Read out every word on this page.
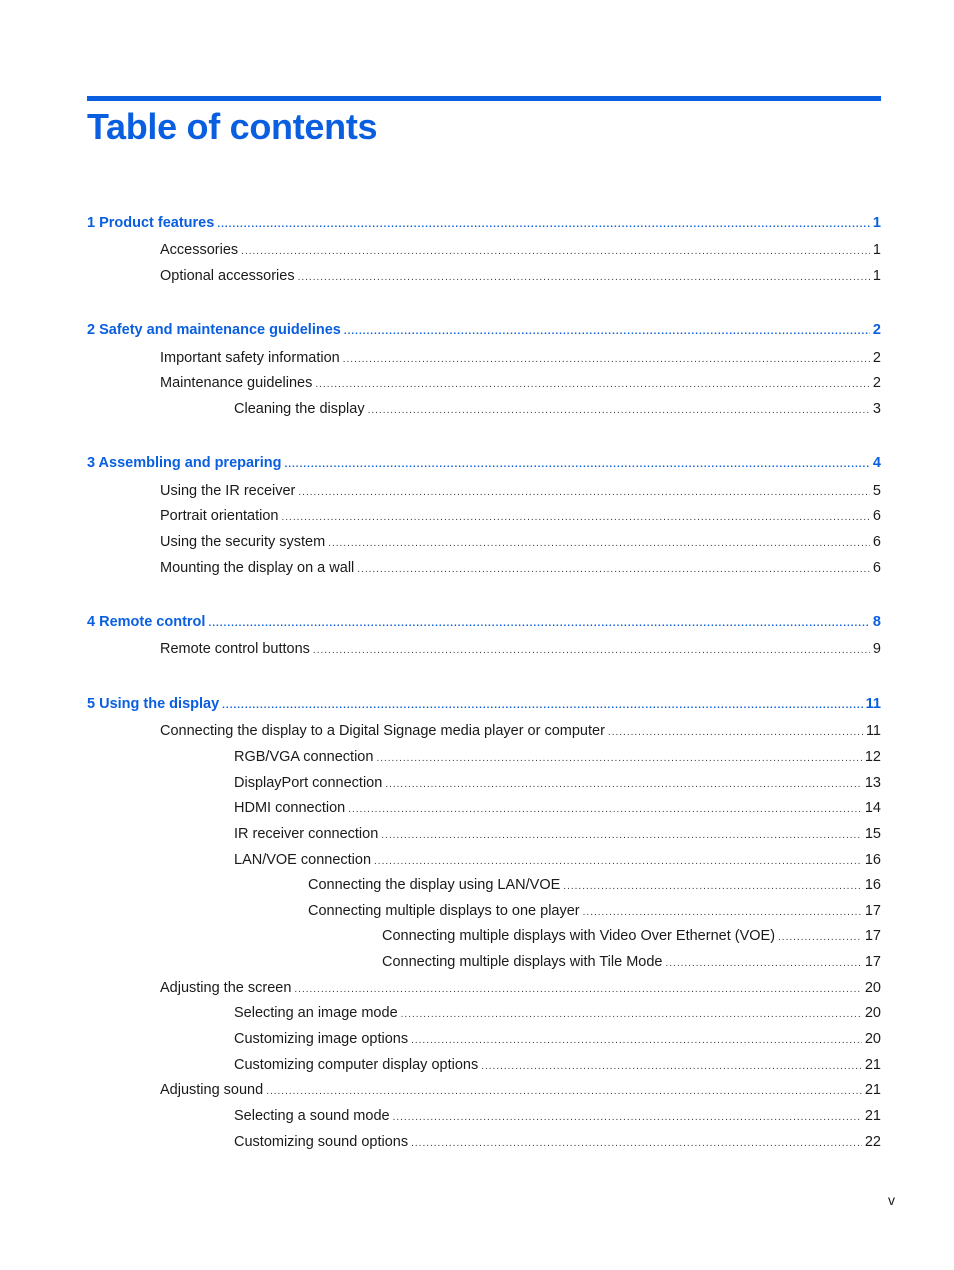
Table of contents
1 Product features .....	1
Accessories .....	1
Optional accessories .....	1
2 Safety and maintenance guidelines .....	2
Important safety information .....	2
Maintenance guidelines .....	2
Cleaning the display .....	3
3 Assembling and preparing .....	4
Using the IR receiver .....	5
Portrait orientation .....	6
Using the security system .....	6
Mounting the display on a wall .....	6
4 Remote control .....	8
Remote control buttons .....	9
5 Using the display .....	11
Connecting the display to a Digital Signage media player or computer .....	11
RGB/VGA connection .....	12
DisplayPort connection .....	13
HDMI connection .....	14
IR receiver connection .....	15
LAN/VOE connection .....	16
Connecting the display using LAN/VOE .....	16
Connecting multiple displays to one player .....	17
Connecting multiple displays with Video Over Ethernet (VOE) .....	17
Connecting multiple displays with Tile Mode .....	17
Adjusting the screen .....	20
Selecting an image mode .....	20
Customizing image options .....	20
Customizing computer display options .....	21
Adjusting sound .....	21
Selecting a sound mode .....	21
Customizing sound options .....	22
v
